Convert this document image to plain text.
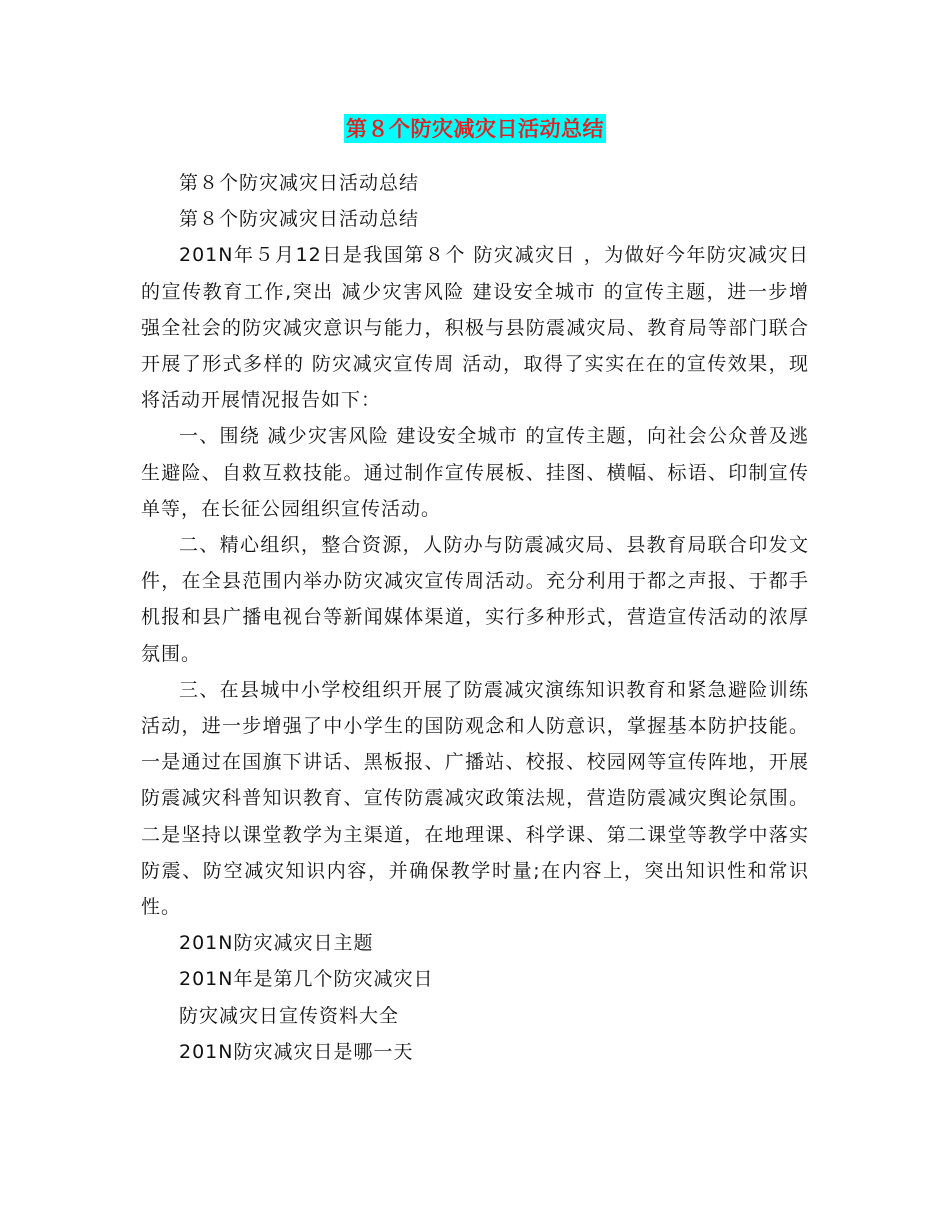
第８个防灾减灾日活动总结

第８个防灾减灾日活动总结

第８个防灾减灾日活动总结

201N年５月12日是我国第８个 防灾减灾日 ，为做好今年防灾减灾日的宣传教育工作,突出 减少灾害风险 建设安全城市 的宣传主题，进一步增强全社会的防灾减灾意识与能力，积极与县防震减灾局、教育局等部门联合开展了形式多样的 防灾减灾宣传周 活动，取得了实实在在的宣传效果，现将活动开展情况报告如下：

一、围绕 减少灾害风险 建设安全城市 的宣传主题，向社会公众普及逃生避险、自救互救技能。通过制作宣传展板、挂图、横幅、标语、印制宣传单等，在长征公园组织宣传活动。

二、精心组织，整合资源，人防办与防震减灾局、县教育局联合印发文件，在全县范围内举办防灾减灾宣传周活动。充分利用于都之声报、于都手机报和县广播电视台等新闻媒体渠道，实行多种形式，营造宣传活动的浓厚氛围。

三、在县城中小学校组织开展了防震减灾演练知识教育和紧急避险训练活动，进一步增强了中小学生的国防观念和人防意识，掌握基本防护技能。一是通过在国旗下讲话、黑板报、广播站、校报、校园网等宣传阵地，开展防震减灾科普知识教育、宣传防震减灾政策法规，营造防震减灾舆论氛围。二是坚持以课堂教学为主渠道，在地理课、科学课、第二课堂等教学中落实防震、防空减灾知识内容，并确保教学时量;在内容上，突出知识性和常识性。

201N防灾减灾日主题

201N年是第几个防灾减灾日

防灾减灾日宣传资料大全

201N防灾减灾日是哪一天
